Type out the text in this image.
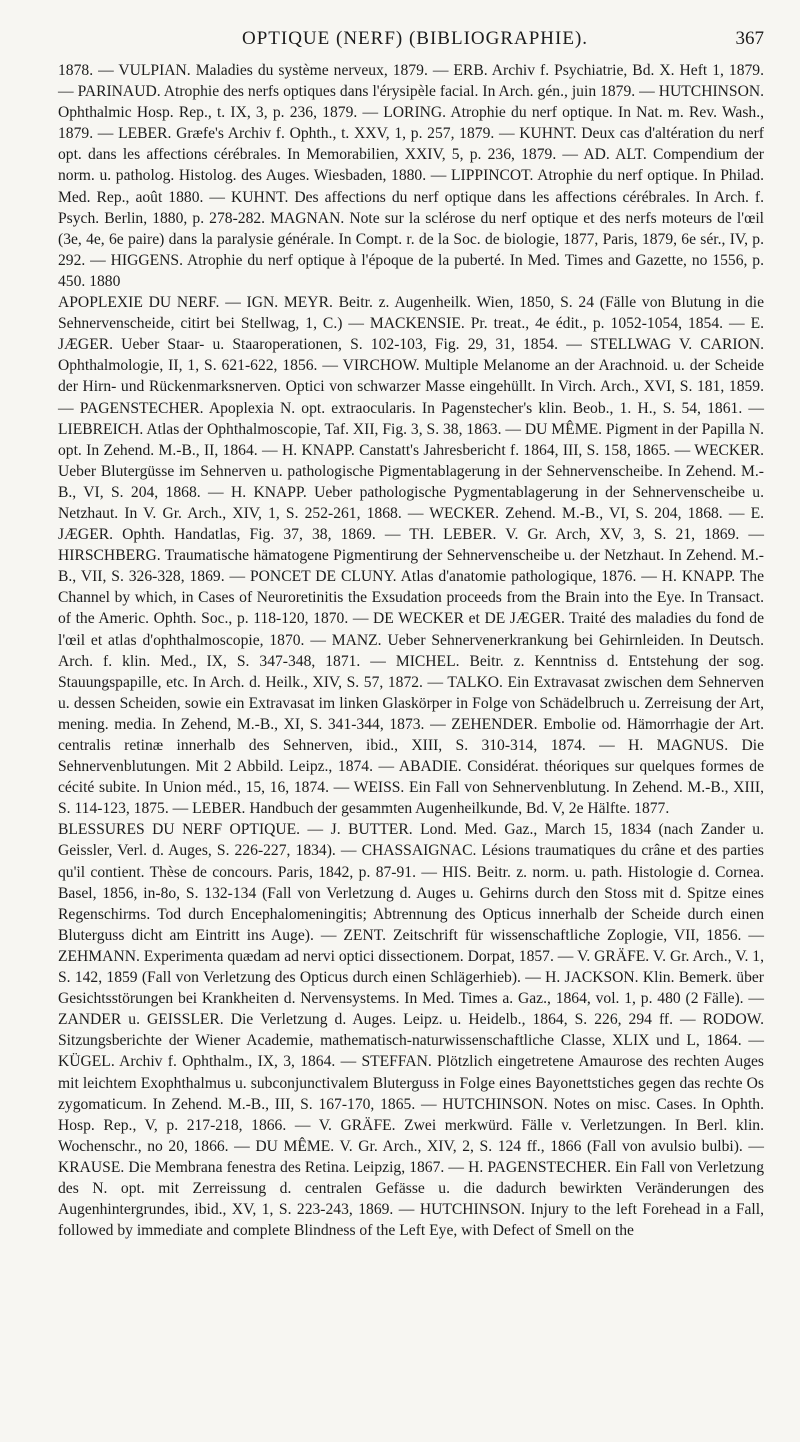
OPTIQUE (NERF) (BIBLIOGRAPHIE).	367

1878. — VULPIAN. Maladies du système nerveux, 1879. — ERB. Archiv f. Psychiatrie, Bd. X. Heft 1, 1879. — PARINAUD. Atrophie des nerfs optiques dans l'érysipèle facial. In Arch. gén., juin 1879. — HUTCHINSON. Ophthalmic Hosp. Rep., t. IX, 3, p. 236, 1879. — LORING. Atrophie du nerf optique. In Nat. m. Rev. Wash., 1879. — LEBER. Græfe's Archiv f. Ophth., t. XXV, 1, p. 257, 1879. — KUHNT. Deux cas d'altération du nerf opt. dans les affections cérébrales. In Memorabilien, XXIV, 5, p. 236, 1879. — AD. ALT. Compendium der norm. u. patholog. Histolog. des Auges. Wiesbaden, 1880. — LIPPINCOT. Atrophie du nerf optique. In Philad. Med. Rep., août 1880. — KUHNT. Des affections du nerf optique dans les affections cérébrales. In Arch. f. Psych. Berlin, 1880, p. 278-282. MAGNAN. Note sur la sclérose du nerf optique et des nerfs moteurs de l'œil (3e, 4e, 6e paire) dans la paralysie générale. In Compt. r. de la Soc. de biologie, 1877, Paris, 1879, 6e sér., IV, p. 292. — HIGGENS. Atrophie du nerf optique à l'époque de la puberté. In Med. Times and Gazette, no 1556, p. 450. 1880

APOPLEXIE DU NERF. — IGN. MEYR. Beitr. z. Augenheilk. Wien, 1850, S. 24 (Fälle von Blutung in die Sehnervenscheide, citirt bei Stellwag, 1, C.) — MACKENSIE. Pr. treat., 4e édit., p. 1052-1054, 1854. — E. JÆGER. Ueber Staar- u. Staaroperationen, S. 102-103, Fig. 29, 31, 1854. — STELLWAG V. CARION. Ophthalmologie, II, 1, S. 621-622, 1856. — VIRCHOW. Multiple Melanome an der Arachnoid. u. der Scheide der Hirn- und Rückenmarksnerven. Optici von schwarzer Masse eingehüllt. In Virch. Arch., XVI, S. 181, 1859. — PAGENSTECHER. Apoplexia N. opt. extraocularis. In Pagenstecher's klin. Beob., 1. H., S. 54, 1861. — LIEBREICH. Atlas der Ophthalmoscopie, Taf. XII, Fig. 3, S. 38, 1863. — DU MÊME. Pigment in der Papilla N. opt. In Zehend. M.-B., II, 1864. — H. KNAPP. Canstatt's Jahresbericht f. 1864, III, S. 158, 1865. — WECKER. Ueber Blutergüsse im Sehnerven u. pathologische Pigmentablagerung in der Sehnervenscheibe. In Zehend. M.-B., VI, S. 204, 1868. — H. KNAPP. Ueber pathologische Pygmentablagerung in der Sehnervenscheibe u. Netzhaut. In V. Gr. Arch., XIV, 1, S. 252-261, 1868. — WECKER. Zehend. M.-B., VI, S. 204, 1868. — E. JÆGER. Ophth. Handatlas, Fig. 37, 38, 1869. — TH. LEBER. V. Gr. Arch, XV, 3, S. 21, 1869. — HIRSCHBERG. Traumatische hämatogene Pigmentirung der Sehnervenscheibe u. der Netzhaut. In Zehend. M.-B., VII, S. 326-328, 1869. — PONCET DE CLUNY. Atlas d'anatomie pathologique, 1876. — H. KNAPP. The Channel by which, in Cases of Neuroretinitis the Exsudation proceeds from the Brain into the Eye. In Transact. of the Americ. Ophth. Soc., p. 118-120, 1870. — DE WECKER et DE JÆGER. Traité des maladies du fond de l'œil et atlas d'ophthalmoscopie, 1870. — MANZ. Ueber Sehnervenerkrankung bei Gehirnleiden. In Deutsch. Arch. f. klin. Med., IX, S. 347-348, 1871. — MICHEL. Beitr. z. Kenntniss d. Entstehung der sog. Stauungspapille, etc. In Arch. d. Heilk., XIV, S. 57, 1872. — TALKO. Ein Extravasat zwischen dem Sehnerven u. dessen Scheiden, sowie ein Extravasat im linken Glaskörper in Folge von Schädelbruch u. Zerreisung der Art, mening. media. In Zehend, M.-B., XI, S. 341-344, 1873. — ZEHENDER. Embolie od. Hämorrhagie der Art. centralis retinæ innerhalb des Sehnerven, ibid., XIII, S. 310-314, 1874. — H. MAGNUS. Die Sehnervenblutungen. Mit 2 Abbild. Leipz., 1874. — ABADIE. Considérat. théoriques sur quelques formes de cécité subite. In Union méd., 15, 16, 1874. — WEISS. Ein Fall von Sehnervenblutung. In Zehend. M.-B., XIII, S. 114-123, 1875. — LEBER. Handbuch der gesammten Augenheilkunde, Bd. V, 2e Hälfte. 1877.

BLESSURES DU NERF OPTIQUE. — J. BUTTER. Lond. Med. Gaz., March 15, 1834 (nach Zander u. Geissler, Verl. d. Auges, S. 226-227, 1834). — CHASSAIGNAC. Lésions traumatiques du crâne et des parties qu'il contient. Thèse de concours. Paris, 1842, p. 87-91. — HIS. Beitr. z. norm. u. path. Histologie d. Cornea. Basel, 1856, in-8o, S. 132-134 (Fall von Verletzung d. Auges u. Gehirns durch den Stoss mit d. Spitze eines Regenschirms. Tod durch Encephalomeningitis; Abtrennung des Opticus innerhalb der Scheide durch einen Bluterguss dicht am Eintritt ins Auge). — ZENT. Zeitschrift für wissenschaftliche Zoplogie, VII, 1856. — ZEHMANN. Experimenta quædam ad nervi optici dissectionem. Dorpat, 1857. — V. GRÄFE. V. Gr. Arch., V. 1, S. 142, 1859 (Fall von Verletzung des Opticus durch einen Schlägerhieb). — H. JACKSON. Klin. Bemerk. über Gesichtsstörungen bei Krankheiten d. Nervensystems. In Med. Times a. Gaz., 1864, vol. 1, p. 480 (2 Fälle). — ZANDER u. GEISSLER. Die Verletzung d. Auges. Leipz. u. Heidelb., 1864, S. 226, 294 ff. — RODOW. Sitzungsberichte der Wiener Academie, mathematisch-naturwissenschaftliche Classe, XLIX und L, 1864. — KÜGEL. Archiv f. Ophthalm., IX, 3, 1864. — STEFFAN. Plötzlich eingetretene Amaurose des rechten Auges mit leichtem Exophthalmus u. subconjunctivalem Bluterguss in Folge eines Bayonettstiches gegen das rechte Os zygomaticum. In Zehend. M.-B., III, S. 167-170, 1865. — HUTCHINSON. Notes on misc. Cases. In Ophth. Hosp. Rep., V, p. 217-218, 1866. — V. GRÄFE. Zwei merkwürd. Fälle v. Verletzungen. In Berl. klin. Wochenschr., no 20, 1866. — DU MÊME. V. Gr. Arch., XIV, 2, S. 124 ff., 1866 (Fall von avulsio bulbi). — KRAUSE. Die Membrana fenestra des Retina. Leipzig, 1867. — H. PAGENSTECHER. Ein Fall von Verletzung des N. opt. mit Zerreissung d. centralen Gefässe u. die dadurch bewirkten Veränderungen des Augenhintergrundes, ibid., XV, 1, S. 223-243, 1869. — HUTCHINSON. Injury to the left Forehead in a Fall, followed by immediate and complete Blindness of the Left Eye, with Defect of Smell on the
